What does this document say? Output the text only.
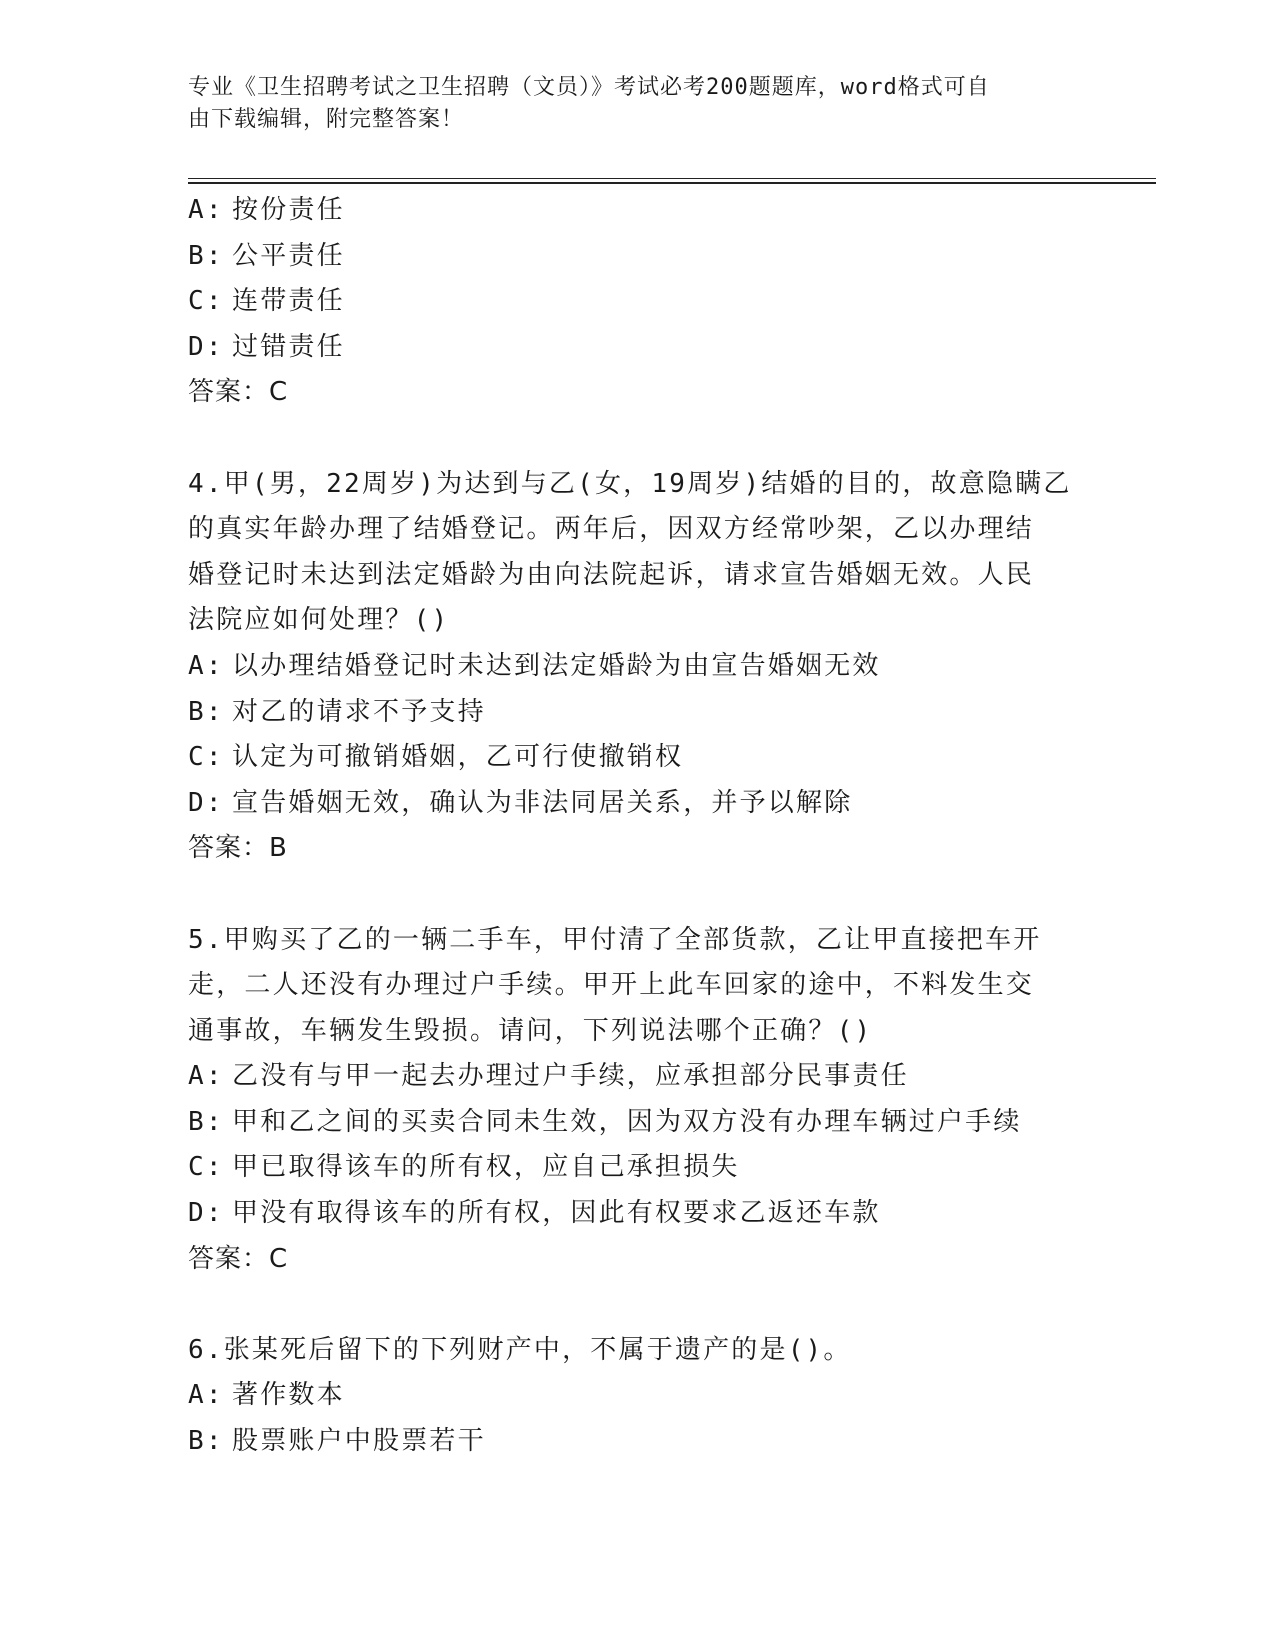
专业《卫生招聘考试之卫生招聘（文员）》考试必考200题题库，word格式可自
由下载编辑，附完整答案！
A: 按份责任
B: 公平责任
C: 连带责任
D: 过错责任
答案：C
4.甲(男，22周岁)为达到与乙(女，19周岁)结婚的目的，故意隐瞒乙
的真实年龄办理了结婚登记。两年后，因双方经常吵架，乙以办理结
婚登记时未达到法定婚龄为由向法院起诉，请求宣告婚姻无效。人民
法院应如何处理？()
A: 以办理结婚登记时未达到法定婚龄为由宣告婚姻无效
B: 对乙的请求不予支持
C: 认定为可撤销婚姻，乙可行使撤销权
D: 宣告婚姻无效，确认为非法同居关系，并予以解除
答案：B
5.甲购买了乙的一辆二手车，甲付清了全部货款，乙让甲直接把车开
走，二人还没有办理过户手续。甲开上此车回家的途中，不料发生交
通事故，车辆发生毁损。请问，下列说法哪个正确？()
A: 乙没有与甲一起去办理过户手续，应承担部分民事责任
B: 甲和乙之间的买卖合同未生效，因为双方没有办理车辆过户手续
C: 甲已取得该车的所有权，应自己承担损失
D: 甲没有取得该车的所有权，因此有权要求乙返还车款
答案：C
6.张某死后留下的下列财产中，不属于遗产的是()。
A: 著作数本
B: 股票账户中股票若干
